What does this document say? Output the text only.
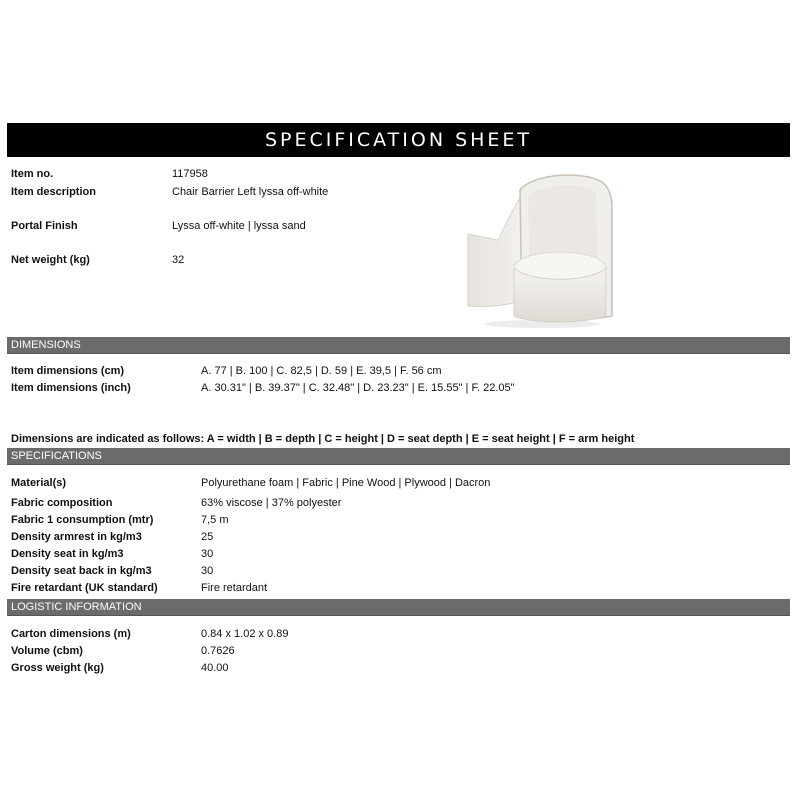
SPECIFICATION SHEET
Item no.	117958
Item description	Chair Barrier Left lyssa off-white
Portal Finish	Lyssa off-white | lyssa sand
Net weight (kg)	32
DIMENSIONS
Item dimensions (cm)	A. 77 | B. 100 | C. 82,5 | D. 59 | E. 39,5 | F. 56 cm
Item dimensions (inch)	A. 30.31" | B. 39.37" | C. 32.48" | D. 23.23" | E. 15.55" | F. 22.05"
Dimensions are indicated as follows: A = width | B = depth | C = height | D = seat depth | E = seat height | F = arm height
SPECIFICATIONS
Material(s)	Polyurethane foam | Fabric | Pine Wood | Plywood | Dacron
Fabric composition	63% viscose | 37% polyester
Fabric 1 consumption (mtr)	7,5 m
Density armrest in kg/m3	25
Density seat in kg/m3	30
Density seat back in kg/m3	30
Fire retardant (UK standard)	Fire retardant
LOGISTIC INFORMATION
Carton dimensions (m)	0.84 x 1.02 x 0.89
Volume (cbm)	0.7626
Gross weight (kg)	40.00
